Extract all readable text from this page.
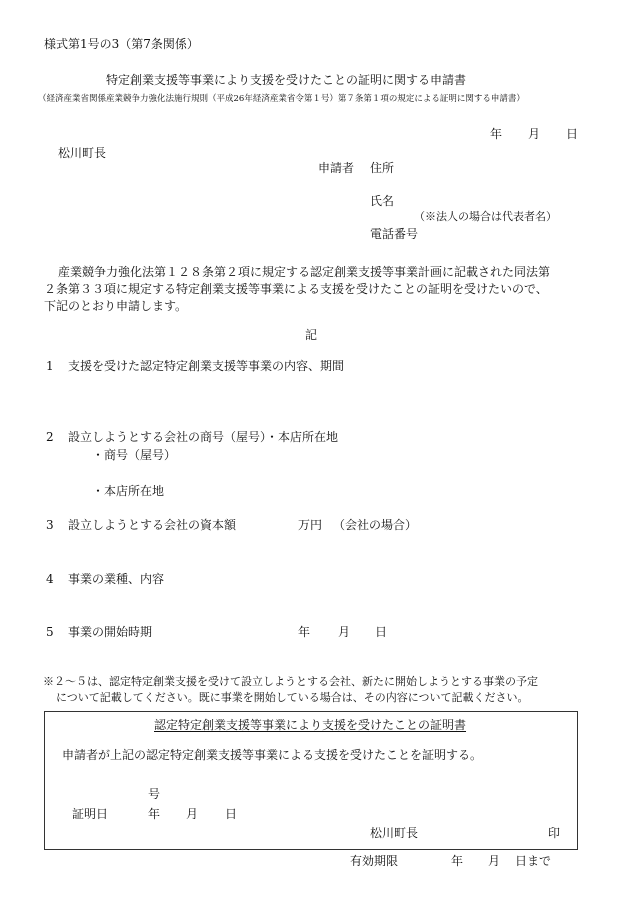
様式第1号の3（第7条関係）
特定創業支援等事業により支援を受けたことの証明に関する申請書
（経済産業省関係産業競争力強化法施行規則（平成26年経済産業省令第１号）第７条第１項の規定による証明に関する申請書）
年 月 日
松川町長
申請者 住所
氏名
（※法人の場合は代表者名）
電話番号
産業競争力強化法第１２８条第２項に規定する認定創業支援等事業計画に記載された同法第
２条第３３項に規定する特定創業支援等事業による支援を受けたことの証明を受けたいので、
下記のとおり申請します。
記
1 支援を受けた認定特定創業支援等事業の内容、期間
2 設立しようとする会社の商号（屋号）・本店所在地
・商号（屋号）
・本店所在地
3 設立しようとする会社の資本額	万円 （会社の場合）
4 事業の業種、内容
5 事業の開始時期	年 月 日
※２～５は、認定特定創業支援を受けて設立しようとする会社、新たに開始しようとする事業の予定
について記載してください。既に事業を開始している場合は、その内容について記載ください。
認定特定創業支援等事業により支援を受けたことの証明書
申請者が上記の認定特定創業支援等事業による支援を受けたことを証明する。
号
証明日	年 月 日
松川町長	印
有効期限	年 月 日まで
